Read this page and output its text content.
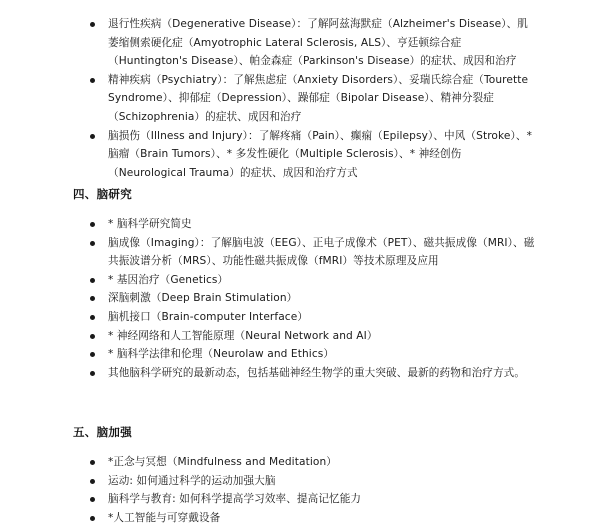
退行性疾病（Degenerative Disease）：了解阿兹海默症（Alzheimer's Disease）、肌萎缩侧索硬化症（Amyotrophic Lateral Sclerosis, ALS）、亨廷顿综合症（Huntington's Disease）、帕金森症（Parkinson's Disease）的症状、成因和治疗
精神疾病（Psychiatry）：了解焦虑症（Anxiety Disorders）、妥瑞氏综合症（Tourette Syndrome）、抑郁症（Depression）、躁郁症（Bipolar Disease）、精神分裂症（Schizophrenia）的症状、成因和治疗
脑损伤（Illness and Injury）：了解疼痛（Pain）、癫痫（Epilepsy）、中风（Stroke）、* 脑瘤（Brain Tumors）、* 多发性硬化（Multiple Sclerosis）、* 神经创伤（Neurological Trauma）的症状、成因和治疗方式
四、脑研究
* 脑科学研究简史
脑成像（Imaging）：了解脑电波（EEG）、正电子成像术（PET）、磁共振成像（MRI）、磁共振波谱分析（MRS）、功能性磁共振成像（fMRI）等技术原理及应用
* 基因治疗（Genetics）
深脑刺激（Deep Brain Stimulation）
脑机接口（Brain-computer Interface）
* 神经网络和人工智能原理（Neural Network and AI）
* 脑科学法律和伦理（Neurolaw and Ethics）
其他脑科学研究的最新动态，包括基础神经生物学的重大突破、最新的药物和治疗方式。
五、脑加强
*正念与冥想（Mindfulness and Meditation）
运动: 如何通过科学的运动加强大脑
脑科学与教育: 如何科学提高学习效率、提高记忆能力
*人工智能与可穿戴设备
